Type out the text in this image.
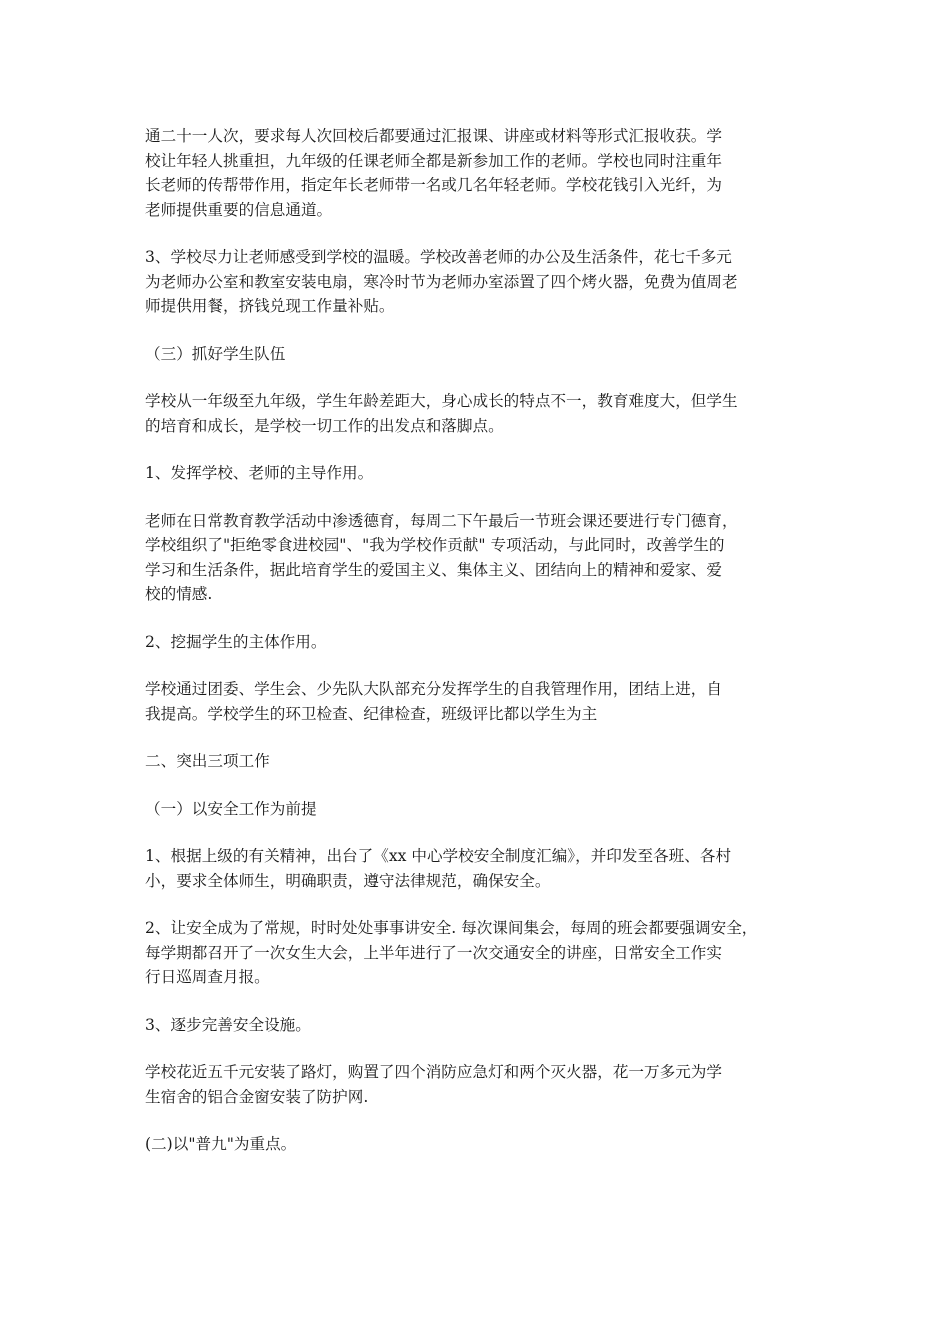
通二十一人次，要求每人次回校后都要通过汇报课、讲座或材料等形式汇报收获。学
校让年轻人挑重担，九年级的任课老师全都是新参加工作的老师。学校也同时注重年
长老师的传帮带作用，指定年长老师带一名或几名年轻老师。学校花钱引入光纤，为
老师提供重要的信息通道。

3、学校尽力让老师感受到学校的温暖。学校改善老师的办公及生活条件，花七千多元
为老师办公室和教室安装电扇，寒冷时节为老师办室添置了四个烤火器，免费为值周老
师提供用餐，挤钱兑现工作量补贴。

（三）抓好学生队伍

学校从一年级至九年级，学生年龄差距大，身心成长的特点不一，教育难度大，但学生
的培育和成长，是学校一切工作的出发点和落脚点。

1、发挥学校、老师的主导作用。

老师在日常教育教学活动中渗透德育，每周二下午最后一节班会课还要进行专门德育，
学校组织了"拒绝零食进校园"、"我为学校作贡献" 专项活动，与此同时，改善学生的
学习和生活条件，据此培育学生的爱国主义、集体主义、团结向上的精神和爱家、爱
校的情感.

2、挖掘学生的主体作用。

学校通过团委、学生会、少先队大队部充分发挥学生的自我管理作用，团结上进，自
我提高。学校学生的环卫检查、纪律检查，班级评比都以学生为主

二、突出三项工作

（一）以安全工作为前提

1、根据上级的有关精神，出台了《xx 中心学校安全制度汇编》，并印发至各班、各村
小，要求全体师生，明确职责，遵守法律规范，确保安全。

2、让安全成为了常规，时时处处事事讲安全. 每次课间集会，每周的班会都要强调安全，
每学期都召开了一次女生大会，上半年进行了一次交通安全的讲座，日常安全工作实
行日巡周查月报。

3、逐步完善安全设施。

学校花近五千元安装了路灯，购置了四个消防应急灯和两个灭火器，花一万多元为学
生宿舍的铝合金窗安装了防护网.

(二)以"普九"为重点。
